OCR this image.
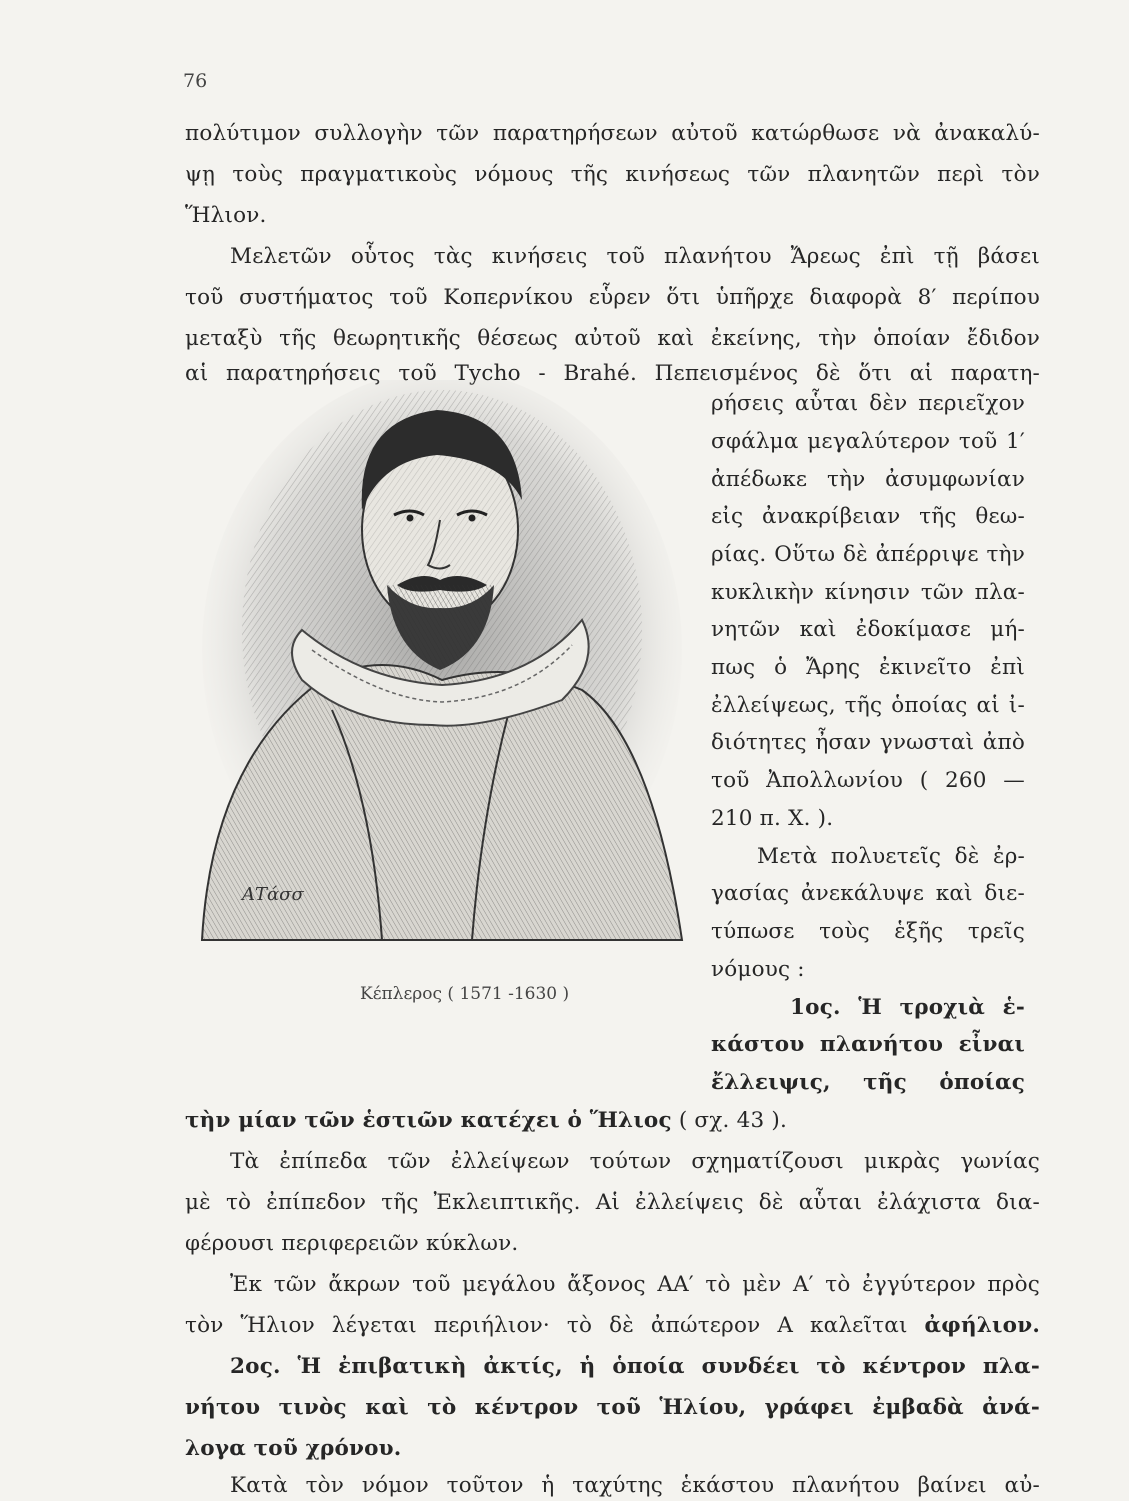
76
πολύτιμον συλλογὴν τῶν παρατηρήσεων αὐτοῦ κατώρθωσε νὰ ἀνακαλύ-
ψῃ τοὺς πραγματικοὺς νόμους τῆς κινήσεως τῶν πλανητῶν περὶ τὸν
Ἥλιον.
Μελετῶν οὗτος τὰς κινήσεις τοῦ πλανήτου Ἄρεως ἐπὶ τῇ βάσει
τοῦ συστήματος τοῦ Κοπερνίκου εὗρεν ὅτι ὑπῆρχε διαφορὰ 8′ περίπου
μεταξὺ τῆς θεωρητικῆς θέσεως αὐτοῦ καὶ ἐκείνης, τὴν ὁποίαν ἔδιδον
αἱ παρατηρήσεις τοῦ Tycho - Brahé. Πεπεισμένος δὲ ὅτι αἱ παρατη-
ρήσεις αὗται δὲν περιεῖχον
σφάλμα μεγαλύτερον τοῦ 1′
ἀπέδωκε τὴν ἀσυμφωνίαν
εἰς ἀνακρίβειαν τῆς θεω-
ρίας. Οὕτω δὲ ἀπέρριψε τὴν
κυκλικὴν κίνησιν τῶν πλα-
νητῶν καὶ ἐδοκίμασε μή-
πως ὁ Ἄρης ἐκινεῖτο ἐπὶ
ἐλλείψεως, τῆς ὁποίας αἱ ἰ-
διότητες ἦσαν γνωσταὶ ἀπὸ
τοῦ Ἀπολλωνίου ( 260 —
210 π. Χ. ).
Μετὰ πολυετεῖς δὲ ἐρ-
γασίας ἀνεκάλυψε καὶ διε-
τύπωσε τοὺς ἑξῆς τρεῖς
νόμους :
1ος. Ἡ τροχιὰ ἑ-
κάστου πλανήτου εἶναι
ἔλλειψις, τῆς ὁποίας
τὴν μίαν τῶν ἑστιῶν κατέχει ὁ Ἥλιος ( σχ. 43 ).
Τὰ ἐπίπεδα τῶν ἐλλείψεων τούτων σχηματίζουσι μικρὰς γωνίας
μὲ τὸ ἐπίπεδον τῆς Ἐκλειπτικῆς. Αἱ ἐλλείψεις δὲ αὗται ἐλάχιστα δια-
φέρουσι περιφερειῶν κύκλων.
Ἐκ τῶν ἄκρων τοῦ μεγάλου ἄξονος ΑΑ′ τὸ μὲν Α′ τὸ ἐγγύτερον πρὸς
τὸν Ἥλιον λέγεται περιήλιον· τὸ δὲ ἀπώτερον Α καλεῖται ἀφήλιον.
2ος. Ἡ ἐπιβατικὴ ἀκτίς, ἡ ὁποία συνδέει τὸ κέντρον πλα-
νήτου τινὸς καὶ τὸ κέντρον τοῦ Ἡλίου, γράφει ἐμβαδὰ ἀνά-
λογα τοῦ χρόνου.
Κατὰ τὸν νόμον τοῦτον ἡ ταχύτης ἑκάστου πλανήτου βαίνει αὐ-
ΑΤάσσ
Κέπλερος ( 1571 -1630 )
